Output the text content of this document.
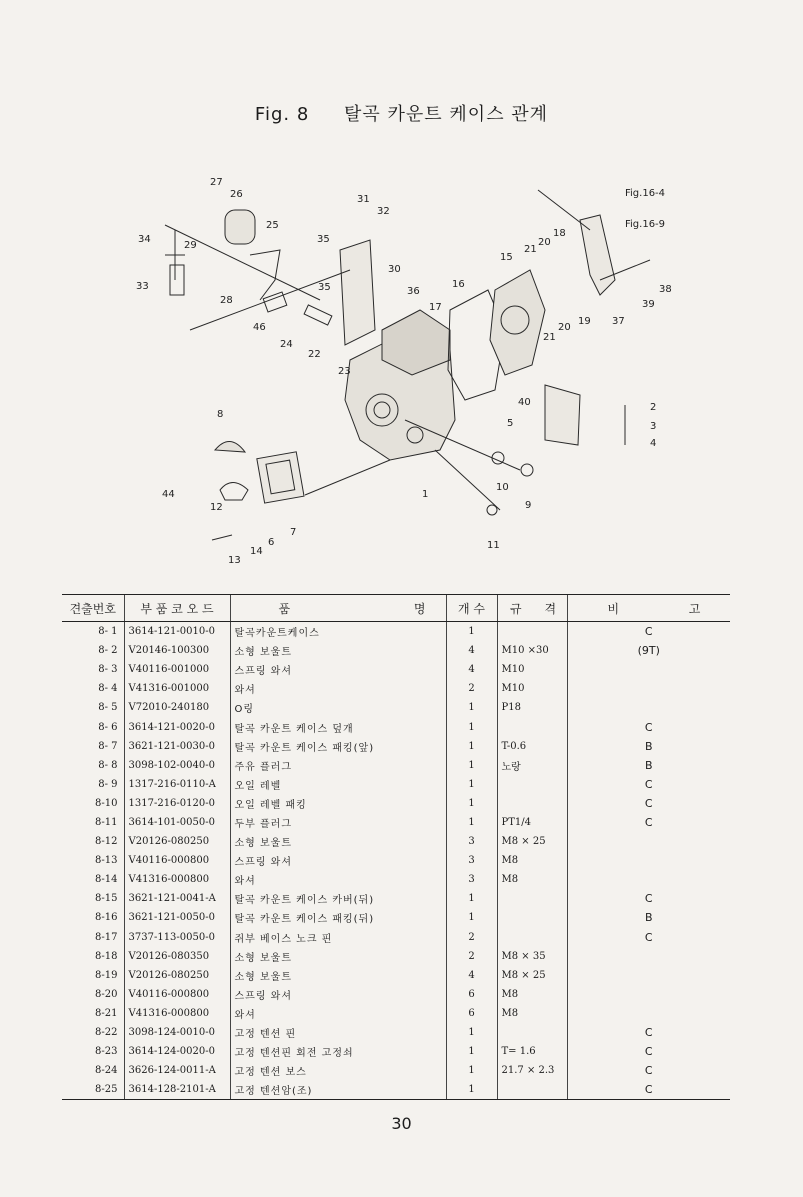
Fig. 8 탈곡 카운트 케이스 관계
27
26
25
34
29
33
28
46
24
22
23
31
32
35
35
30
36
17
16
15
21
20
18
20
21
19 37
39
38
Fig.16-4
Fig.16-9
40
5
2
3
4
8
44
12
13
14
6
7
1
10
9
11
견출번호	부 품 코 오 드	품	명	개 수	규	격	비	고
8- 1	3614-121-0010-0	탈곡카운트케이스		1			C	
8- 2	V20146-100300	소형 보울트		4	M10 ×30		(9T)	
8- 3	V40116-001000	스프링 와셔		4	M10			
8- 4	V41316-001000	와셔		2	M10			
8- 5	V72010-240180	O링		1	P18			
8- 6	3614-121-0020-0	탈곡 카운트 케이스 덮개		1			C	
8- 7	3621-121-0030-0	탈곡 카운트 케이스 패킹(앞)		1	T-0.6		B	
8- 8	3098-102-0040-0	주유 플러그		1	노랑		B	
8- 9	1317-216-0110-A	오일 레벨		1			C	
8-10	1317-216-0120-0	오일 레벨 패킹		1			C	
8-11	3614-101-0050-0	두부 플러그		1	PT1/4		C	
8-12	V20126-080250	소형 보울트		3	M8 × 25			
8-13	V40116-000800	스프링 와셔		3	M8			
8-14	V41316-000800	와셔		3	M8			
8-15	3621-121-0041-A	탈곡 카운트 케이스 카버(뒤)		1			C	
8-16	3621-121-0050-0	탈곡 카운트 케이스 패킹(뒤)		1			B	
8-17	3737-113-0050-0	쥐부 베이스 노크 핀		2			C	
8-18	V20126-080350	소형 보울트		2	M8 × 35			
8-19	V20126-080250	소형 보울트		4	M8 × 25			
8-20	V40116-000800	스프링 와셔		6	M8			
8-21	V41316-000800	와셔		6	M8			
8-22	3098-124-0010-0	고정 텐션 핀		1			C	
8-23	3614-124-0020-0	고정 텐션핀 회전 고정쇠		1	T= 1.6		C	
8-24	3626-124-0011-A	고정 텐션 보스		1	21.7 × 2.3		C	
8-25	3614-128-2101-A	고정 텐션암(조)		1			C	
30
